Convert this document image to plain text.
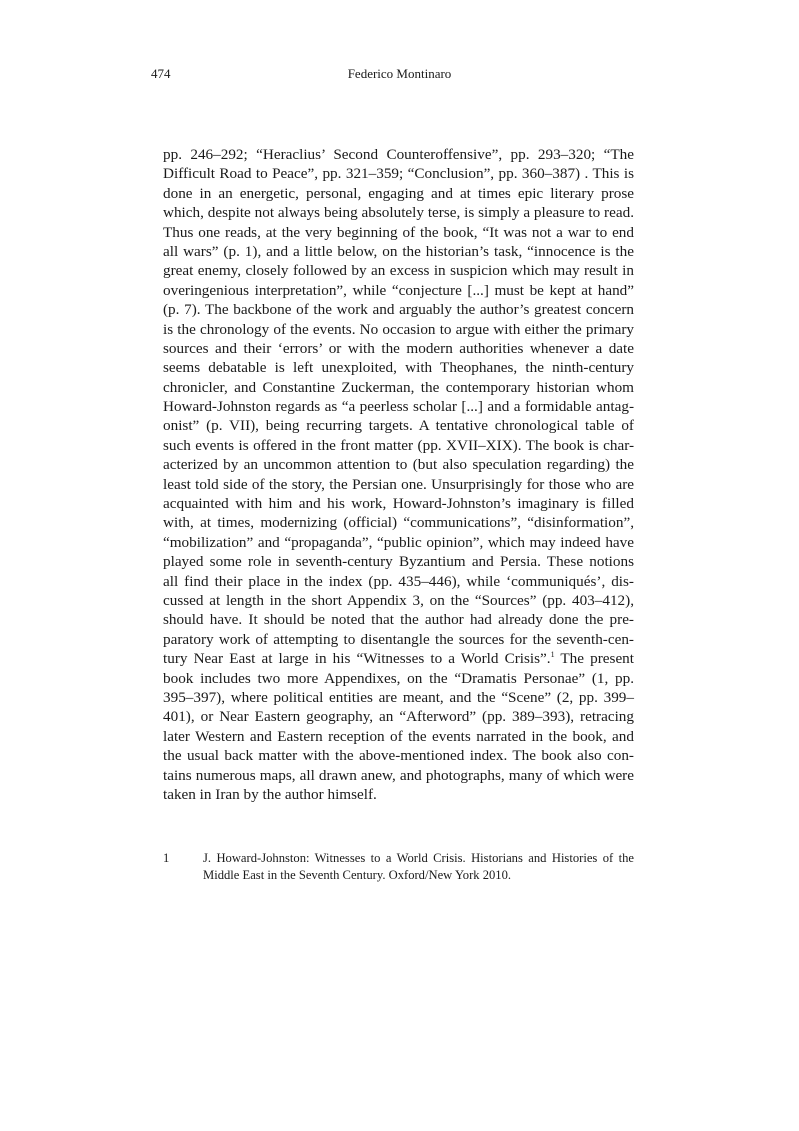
474	Federico Montinaro
pp. 246–292; “Heraclius’ Second Counteroffensive”, pp. 293–320; “The
Difficult Road to Peace”, pp. 321–359; “Conclusion”, pp. 360–387) . This is
done in an energetic, personal, engaging and at times epic literary prose
which, despite not always being absolutely terse, is simply a pleasure to read.
Thus one reads, at the very beginning of the book, “It was not a war to end
all wars” (p. 1), and a little below, on the historian’s task, “innocence is the
great enemy, closely followed by an excess in suspicion which may result in
overingenious interpretation”, while “conjecture [...] must be kept at hand”
(p. 7). The backbone of the work and arguably the author’s greatest concern
is the chronology of the events. No occasion to argue with either the primary
sources and their ‘errors’ or with the modern authorities whenever a date
seems debatable is left unexploited, with Theophanes, the ninth-century
chronicler, and Constantine Zuckerman, the contemporary historian whom
Howard-Johnston regards as “a peerless scholar [...] and a formidable antag-
onist” (p. VII), being recurring targets. A tentative chronological table of
such events is offered in the front matter (pp. XVII–XIX). The book is char-
acterized by an uncommon attention to (but also speculation regarding) the
least told side of the story, the Persian one. Unsurprisingly for those who are
acquainted with him and his work, Howard-Johnston’s imaginary is filled
with, at times, modernizing (official) “communications”, “disinformation”,
“mobilization” and “propaganda”, “public opinion”, which may indeed have
played some role in seventh-century Byzantium and Persia. These notions
all find their place in the index (pp. 435–446), while ‘communiqués’, dis-
cussed at length in the short Appendix 3, on the “Sources” (pp. 403–412),
should have. It should be noted that the author had already done the pre-
paratory work of attempting to disentangle the sources for the seventh-cen-
tury Near East at large in his “Witnesses to a World Crisis”.$^1$ The present
book includes two more Appendixes, on the “Dramatis Personae” (1, pp.
395–397), where political entities are meant, and the “Scene” (2, pp. 399–
401), or Near Eastern geography, an “Afterword” (pp. 389–393), retracing
later Western and Eastern reception of the events narrated in the book, and
the usual back matter with the above-mentioned index. The book also con-
tains numerous maps, all drawn anew, and photographs, many of which were
taken in Iran by the author himself.
1	J. Howard-Johnston: Witnesses to a World Crisis. Historians and Histories of the
Middle East in the Seventh Century. Oxford/New York 2010.
